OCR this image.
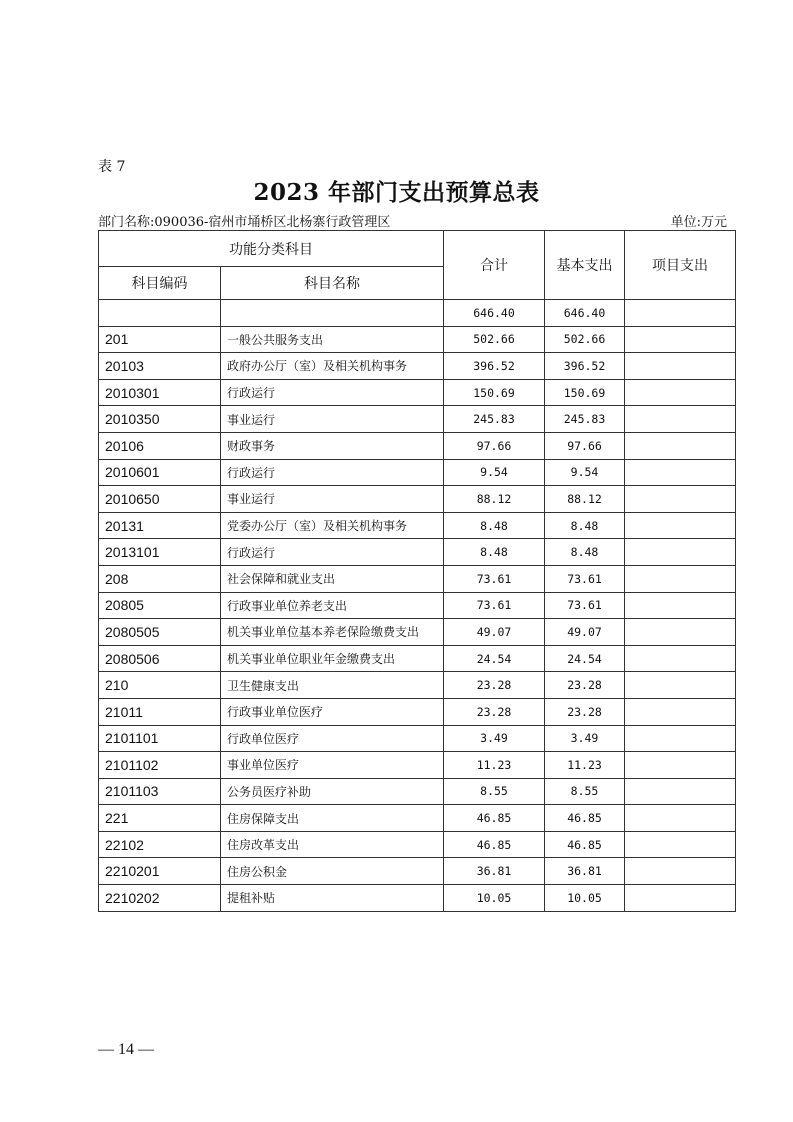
表 7
2023 年部门支出预算总表
部门名称:090036-宿州市埇桥区北杨寨行政管理区	单位:万元
功能分类科目		合计	基本支出	项目支出
科目编码	科目名称			
		646.40	646.40	
201	一般公共服务支出	502.66	502.66	
20103	政府办公厅（室）及相关机构事务	396.52	396.52	
2010301	行政运行	150.69	150.69	
2010350	事业运行	245.83	245.83	
20106	财政事务	97.66	97.66	
2010601	行政运行	9.54	9.54	
2010650	事业运行	88.12	88.12	
20131	党委办公厅（室）及相关机构事务	8.48	8.48	
2013101	行政运行	8.48	8.48	
208	社会保障和就业支出	73.61	73.61	
20805	行政事业单位养老支出	73.61	73.61	
2080505	机关事业单位基本养老保险缴费支出	49.07	49.07	
2080506	机关事业单位职业年金缴费支出	24.54	24.54	
210	卫生健康支出	23.28	23.28	
21011	行政事业单位医疗	23.28	23.28	
2101101	行政单位医疗	3.49	3.49	
2101102	事业单位医疗	11.23	11.23	
2101103	公务员医疗补助	8.55	8.55	
221	住房保障支出	46.85	46.85	
22102	住房改革支出	46.85	46.85	
2210201	住房公积金	36.81	36.81	
2210202	提租补贴	10.05	10.05	
— 14 —
